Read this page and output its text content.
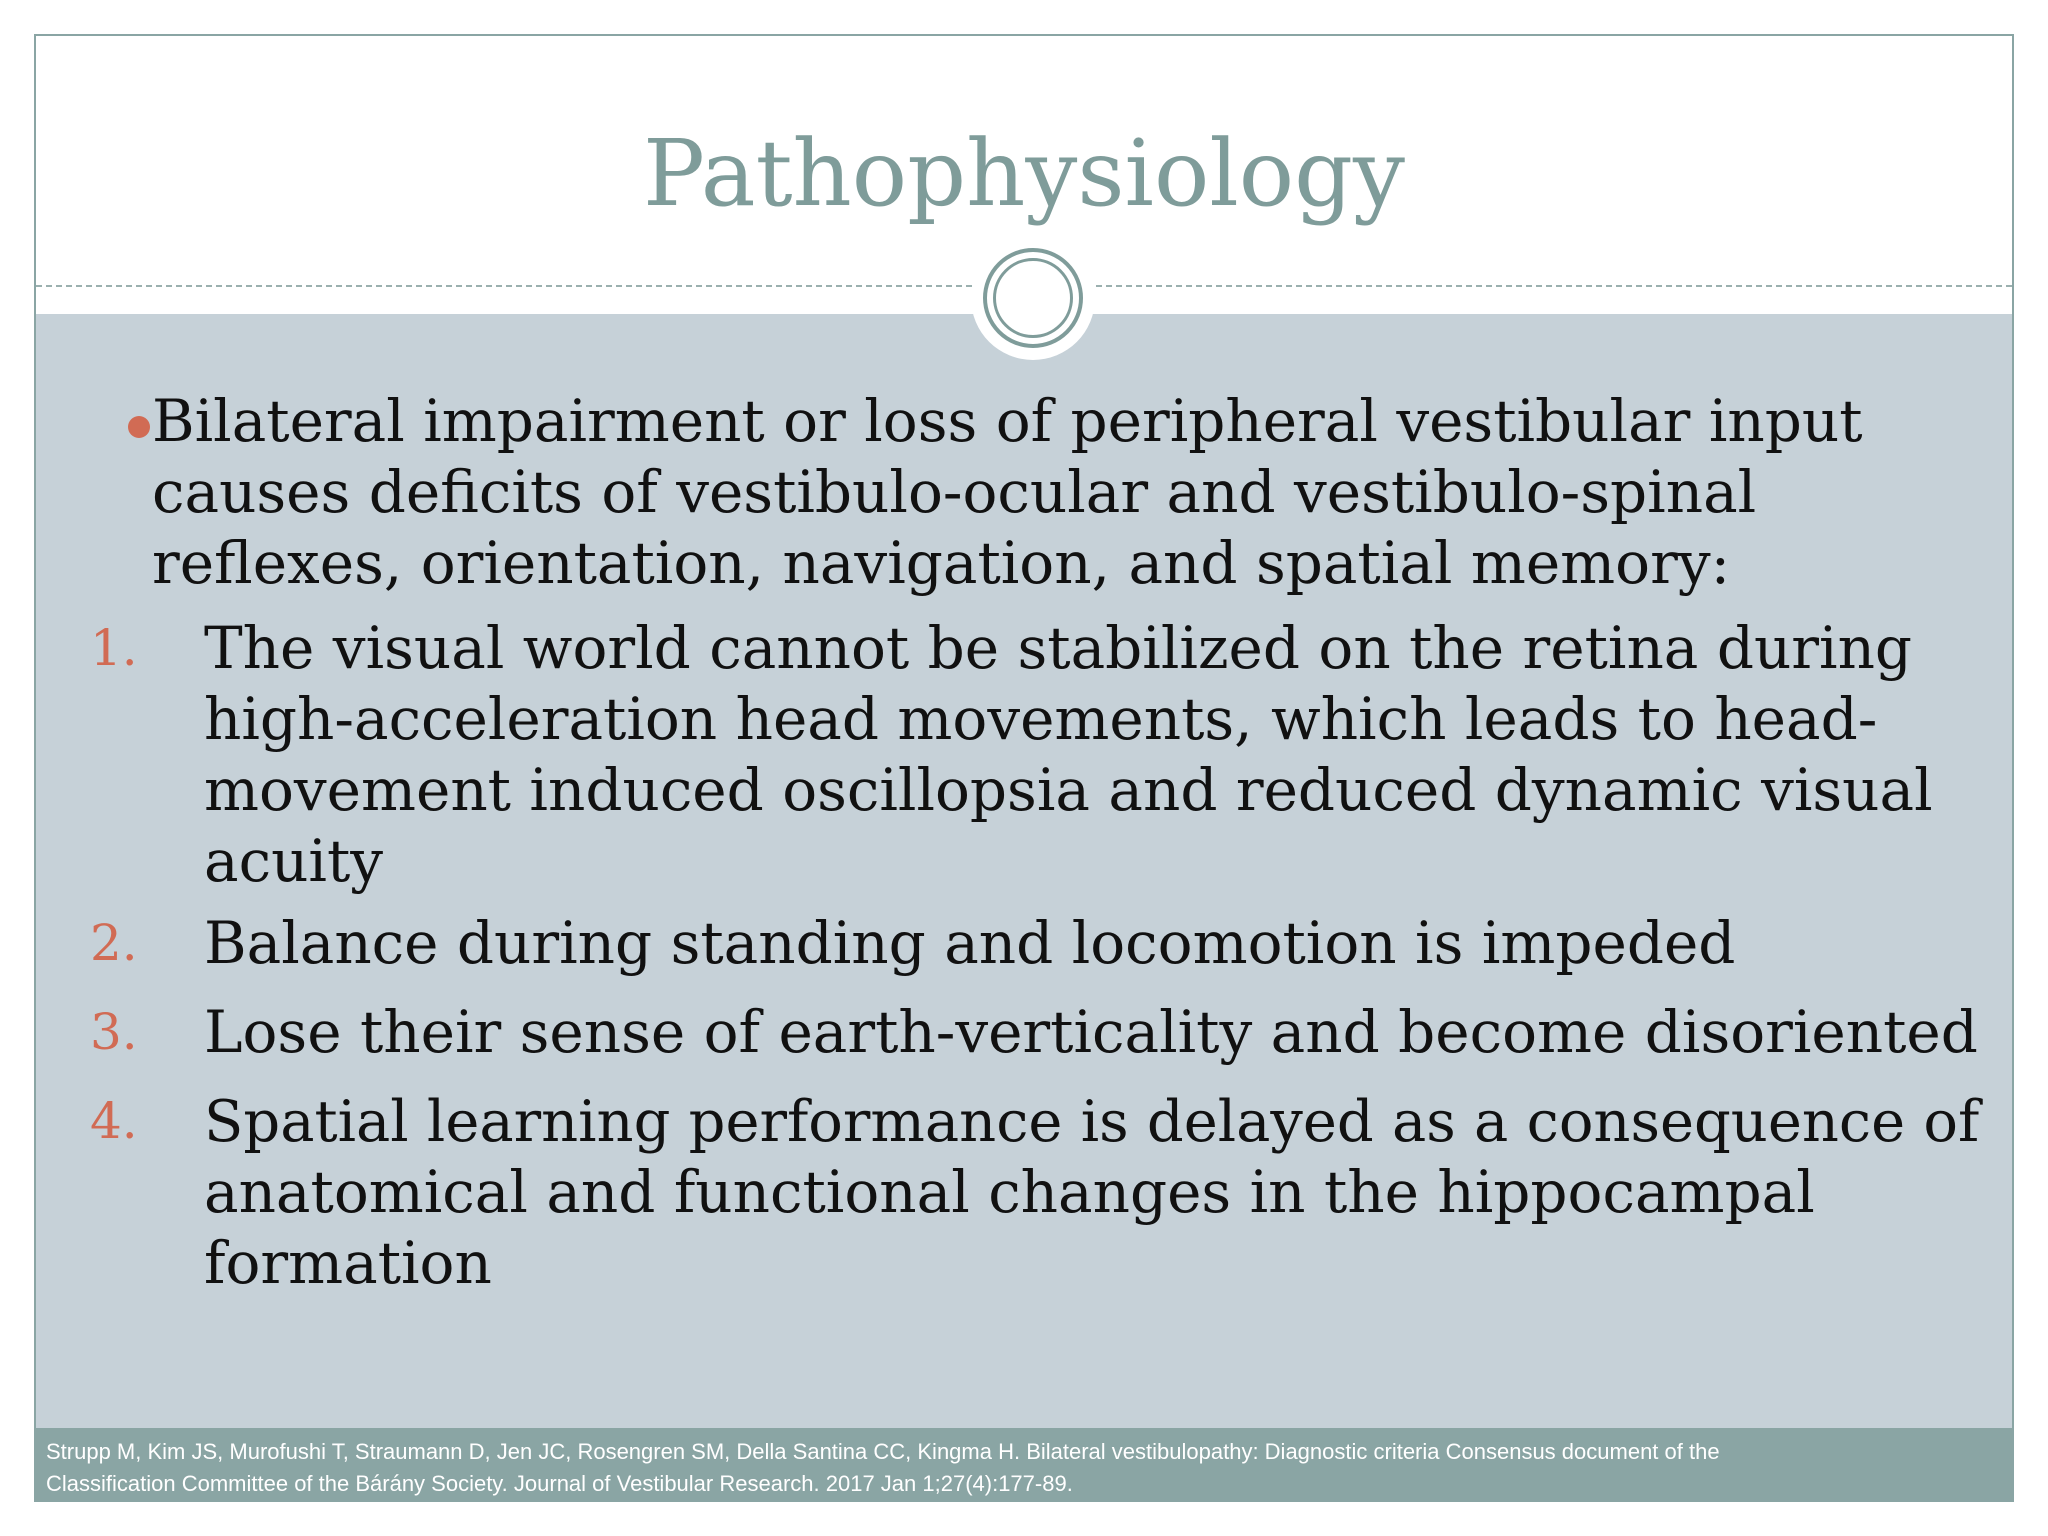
Pathophysiology
Bilateral impairment or loss of peripheral vestibular input
causes deficits of vestibulo-ocular and vestibulo-spinal
reflexes, orientation, navigation, and spatial memory:
1. The visual world cannot be stabilized on the retina during
high-acceleration head movements, which leads to head-
movement induced oscillopsia and reduced dynamic visual
acuity
2. Balance during standing and locomotion is impeded
3. Lose their sense of earth-verticality and become disoriented
4. Spatial learning performance is delayed as a consequence of
anatomical and functional changes in the hippocampal
formation
Strupp M, Kim JS, Murofushi T, Straumann D, Jen JC, Rosengren SM, Della Santina CC, Kingma H. Bilateral vestibulopathy: Diagnostic criteria Consensus document of the
Classification Committee of the Bárány Society. Journal of Vestibular Research. 2017 Jan 1;27(4):177-89.
